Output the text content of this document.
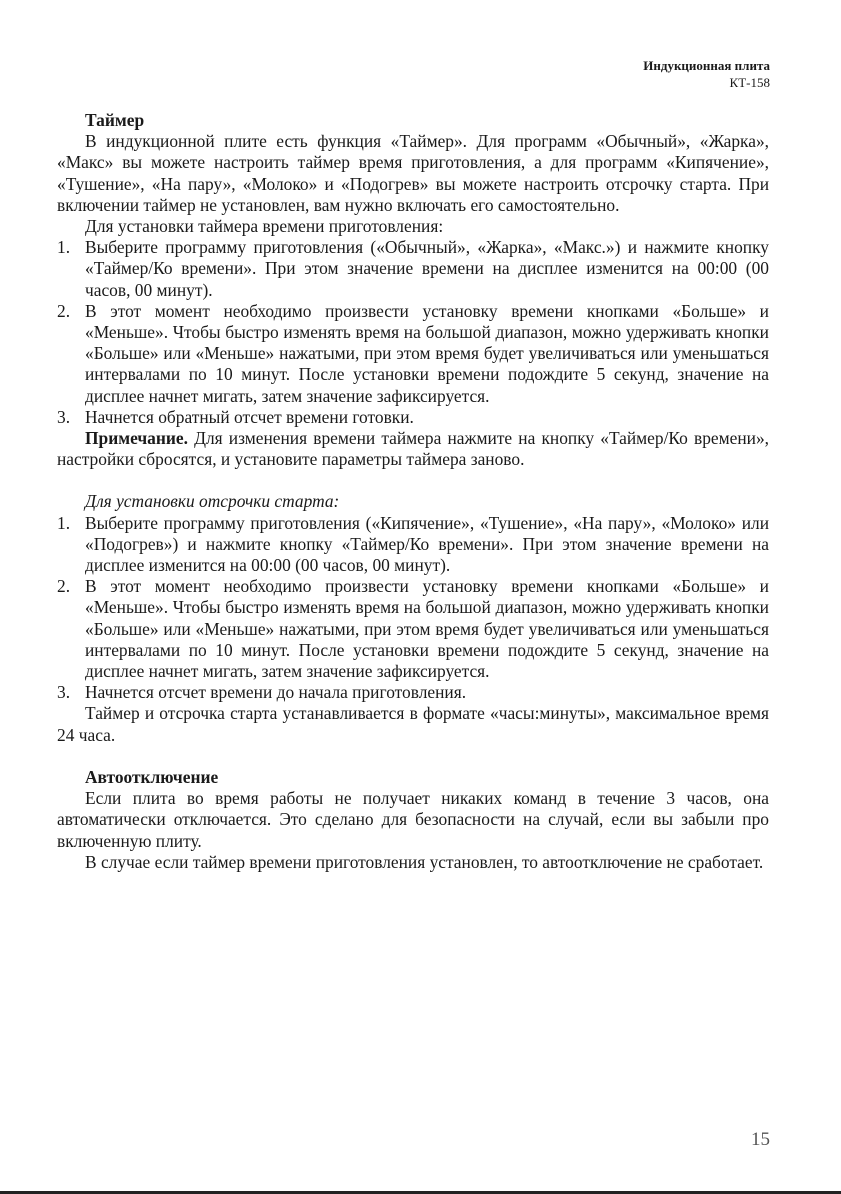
Индукционная плита
КТ-158

Таймер

В индукционной плите есть функция «Таймер». Для программ «Обычный», «Жарка», «Макс» вы можете настроить таймер время приготовления, а для программ «Кипячение», «Тушение», «На пару», «Молоко» и «Подогрев» вы можете настроить отсрочку старта. При включении таймер не установлен, вам нужно включать его самостоятельно.

Для установки таймера времени приготовления:

1. Выберите программу приготовления («Обычный», «Жарка», «Макс.») и нажмите кнопку «Таймер/Ко времени». При этом значение времени на дисплее изменится на 00:00 (00 часов, 00 минут).
2. В этот момент необходимо произвести установку времени кнопками «Больше» и «Меньше». Чтобы быстро изменять время на большой диапазон, можно удерживать кнопки «Больше» или «Меньше» нажатыми, при этом время будет увеличиваться или уменьшаться интервалами по 10 минут. После установки времени подождите 5 секунд, значение на дисплее начнет мигать, затем значение зафиксируется.
3. Начнется обратный отсчет времени готовки.

Примечание. Для изменения времени таймера нажмите на кнопку «Таймер/Ко времени», настройки сбросятся, и установите параметры таймера заново.

Для установки отсрочки старта:

1. Выберите программу приготовления («Кипячение», «Тушение», «На пару», «Молоко» или «Подогрев») и нажмите кнопку «Таймер/Ко времени». При этом значение времени на дисплее изменится на 00:00 (00 часов, 00 минут).
2. В этот момент необходимо произвести установку времени кнопками «Больше» и «Меньше». Чтобы быстро изменять время на большой диапазон, можно удерживать кнопки «Больше» или «Меньше» нажатыми, при этом время будет увеличиваться или уменьшаться интервалами по 10 минут. После установки времени подождите 5 секунд, значение на дисплее начнет мигать, затем значение зафиксируется.
3. Начнется отсчет времени до начала приготовления.

Таймер и отсрочка старта устанавливается в формате «часы:минуты», максимальное время 24 часа.

Автоотключение

Если плита во время работы не получает никаких команд в течение 3 часов, она автоматически отключается. Это сделано для безопасности на случай, если вы забыли про включенную плиту.

В случае если таймер времени приготовления установлен, то автоотключение не сработает.

15
